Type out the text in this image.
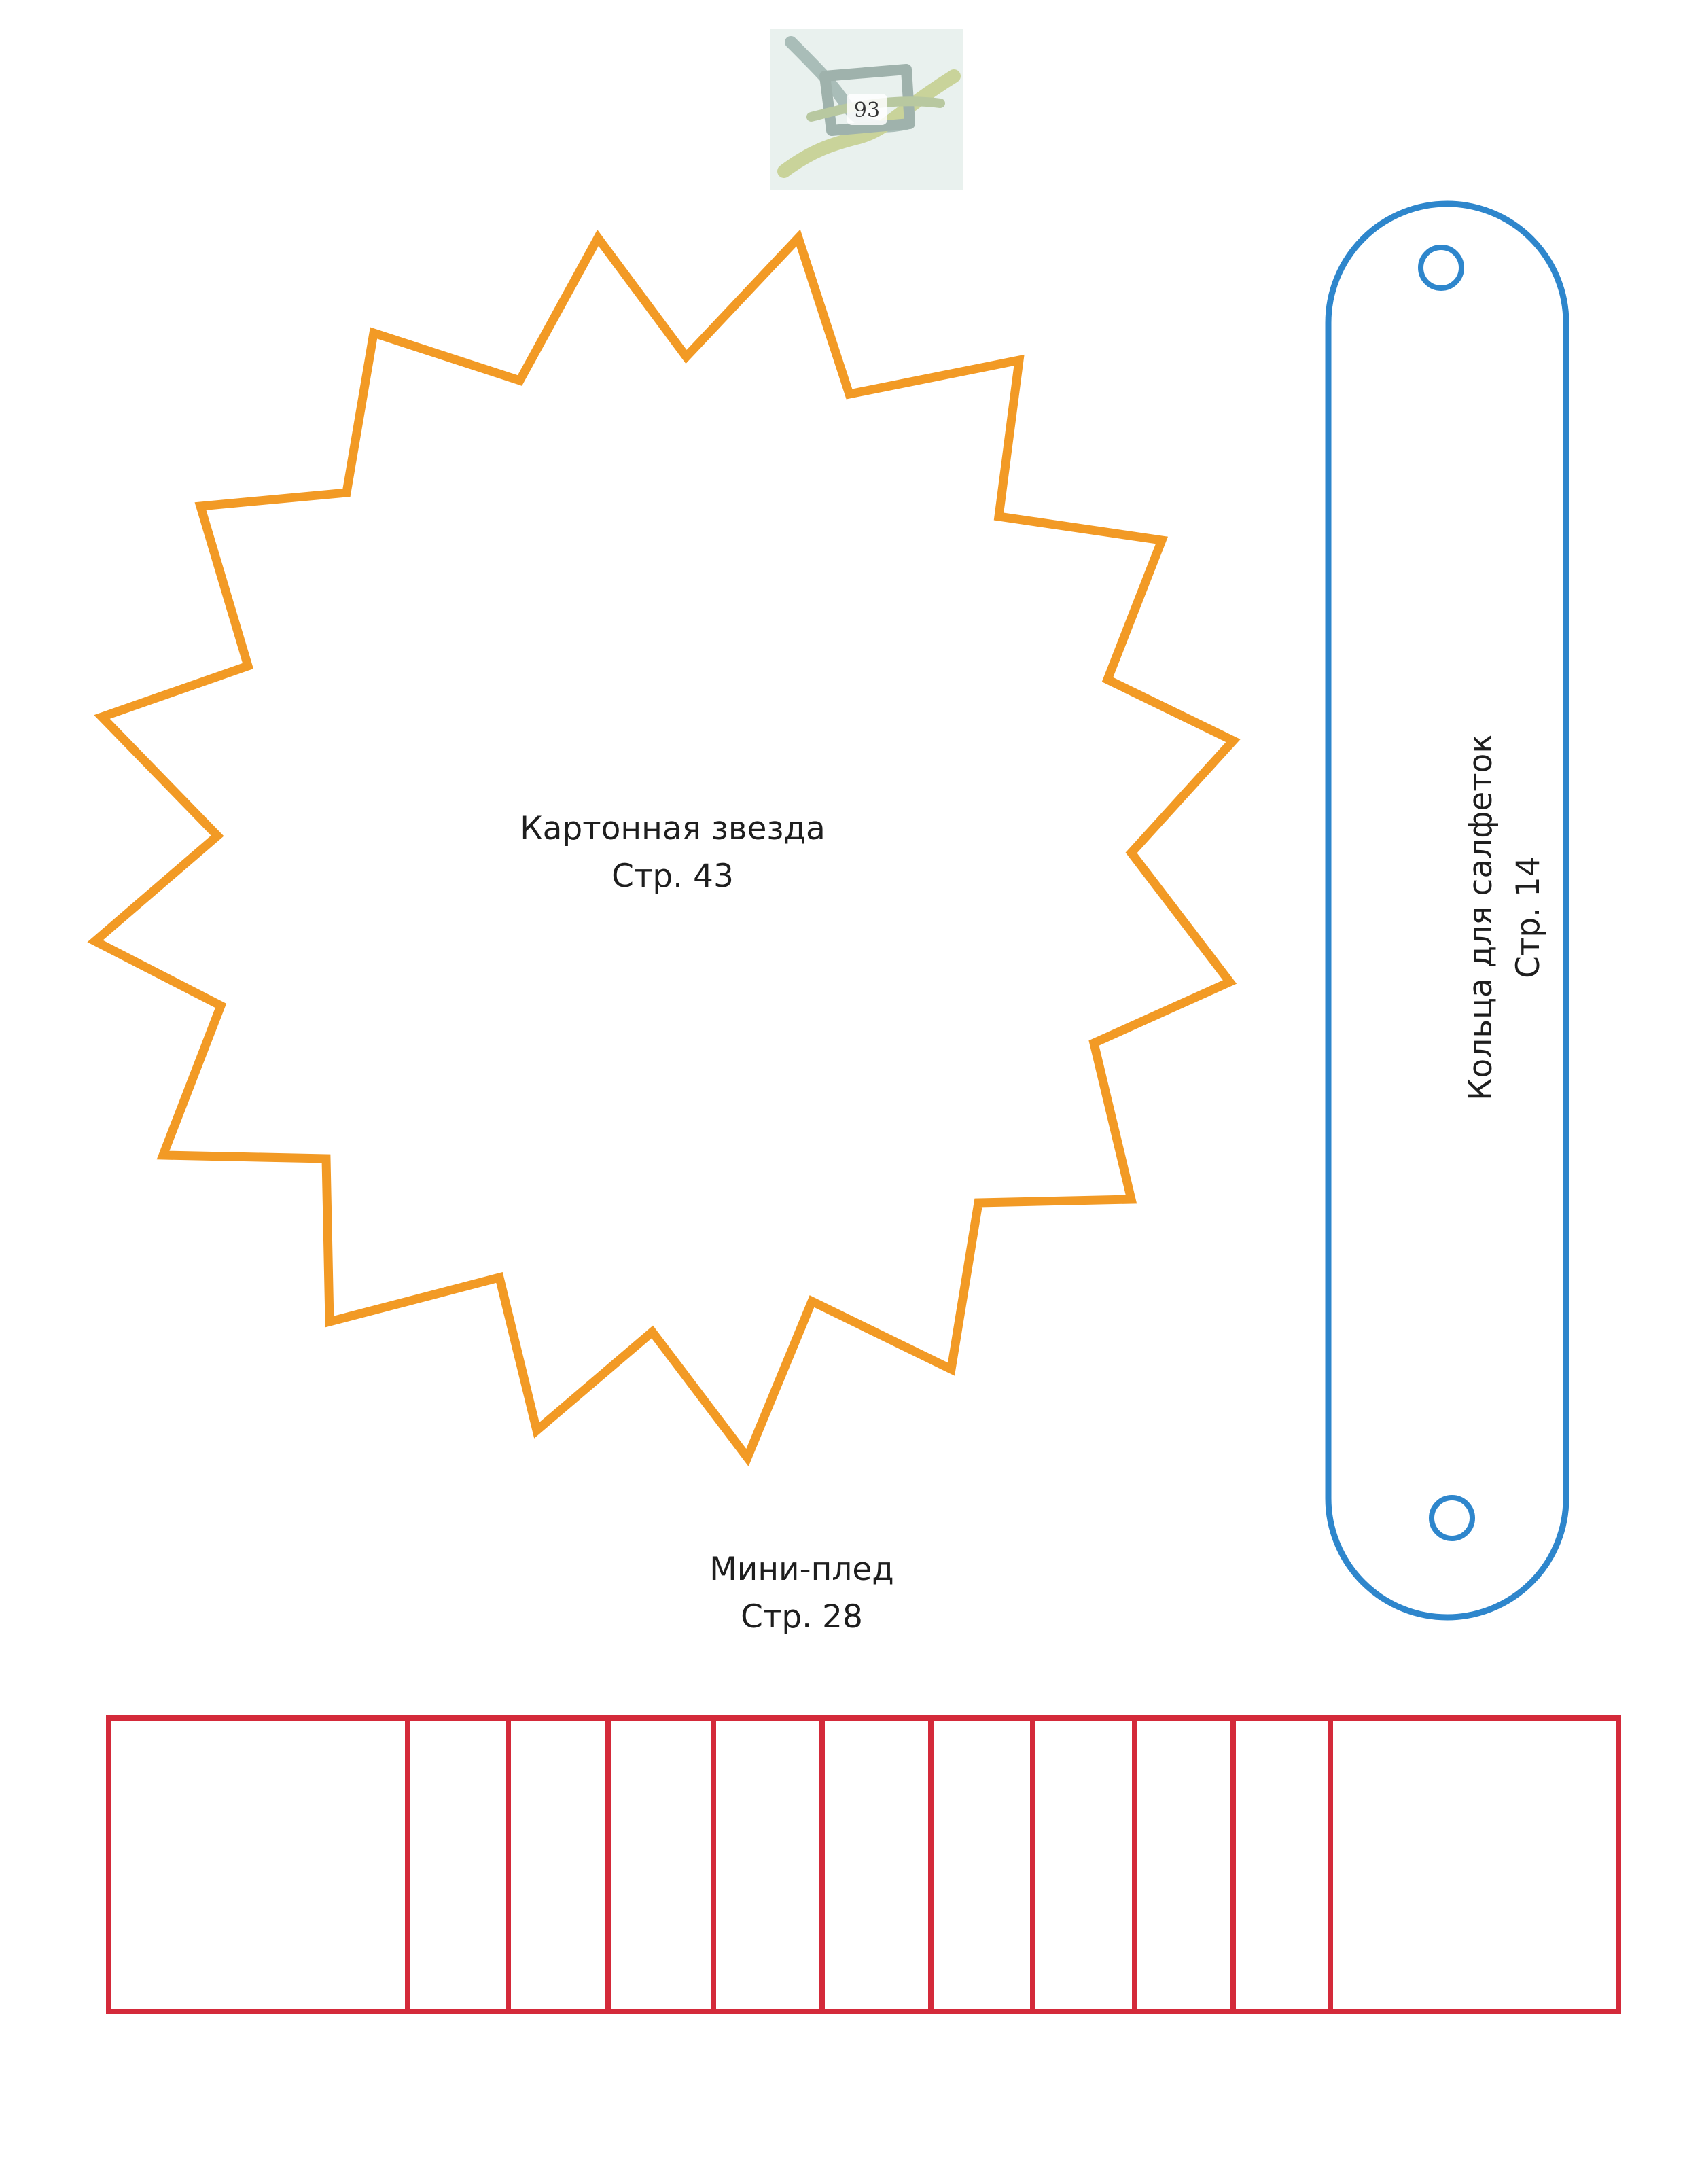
93
Картонная звезда
Стр. 43	Кольца для салфеток Стр. 14
Мини-плед
Стр. 28
